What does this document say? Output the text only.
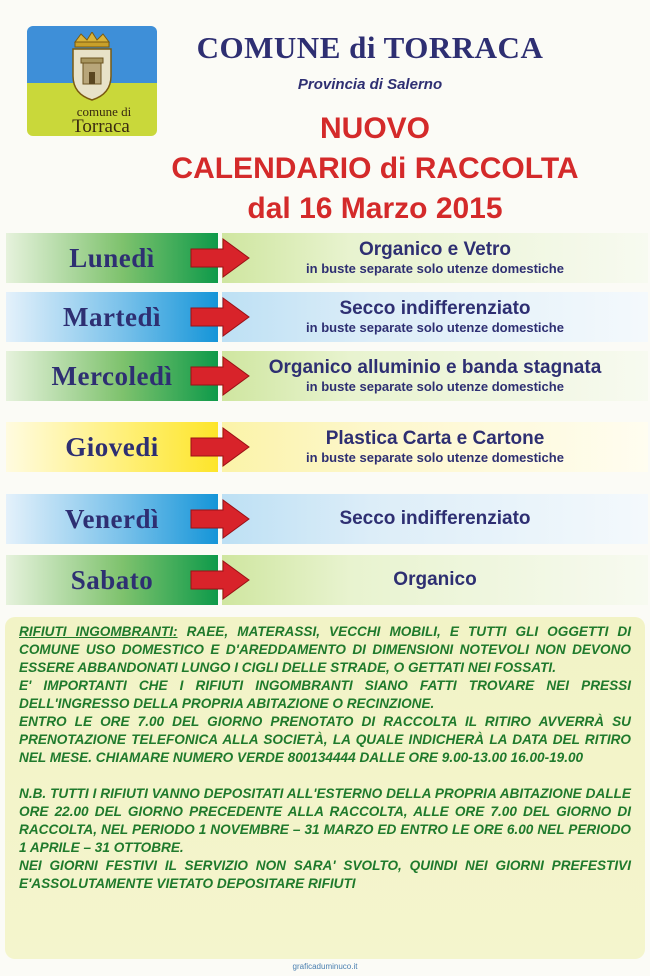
comune di
Torraca
COMUNE di TORRACA
Provincia di Salerno
NUOVO
CALENDARIO di RACCOLTA
dal 16 Marzo 2015
Lunedì	Organico e Vetro
in buste separate solo utenze domestiche
Martedì	Secco indifferenziato
in buste separate solo utenze domestiche
Mercoledì	Organico alluminio e banda stagnata
in buste separate solo utenze domestiche
Giovedi	Plastica Carta e Cartone
in buste separate solo utenze domestiche
Venerdì	Secco indifferenziato
Sabato	Organico

RIFIUTI INGOMBRANTI: RAEE, MATERASSI, VECCHI MOBILI, E TUTTI GLI OGGETTI DI COMUNE USO DOMESTICO E D'AREDDAMENTO DI DIMENSIONI NOTEVOLI NON DEVONO ESSERE ABBANDONATI LUNGO I CIGLI DELLE STRADE, O GETTATI NEI FOSSATI.

E' IMPORTANTI CHE I RIFIUTI INGOMBRANTI SIANO FATTI TROVARE NEI PRESSI DELL'INGRESSO DELLA PROPRIA ABITAZIONE O RECINZIONE.

ENTRO LE ORE 7.00 DEL GIORNO PRENOTATO DI RACCOLTA IL RITIRO AVVERRÀ SU PRENOTAZIONE TELEFONICA ALLA SOCIETÀ, LA QUALE INDICHERÀ LA DATA DEL RITIRO NEL MESE. CHIAMARE NUMERO VERDE 800134444 DALLE ORE 9.00-13.00 16.00-19.00

N.B. TUTTI I RIFIUTI VANNO DEPOSITATI ALL'ESTERNO DELLA PROPRIA ABITAZIONE DALLE ORE 22.00 DEL GIORNO PRECEDENTE ALLA RACCOLTA, ALLE ORE 7.00 DEL GIORNO DI RACCOLTA, NEL PERIODO 1 NOVEMBRE – 31 MARZO ED ENTRO LE ORE 6.00 NEL PERIODO 1 APRILE – 31 OTTOBRE.

NEI GIORNI FESTIVI IL SERVIZIO NON SARA' SVOLTO, QUINDI NEI GIORNI PREFESTIVI E'ASSOLUTAMENTE VIETATO DEPOSITARE RIFIUTI

graficaduminuco.it
